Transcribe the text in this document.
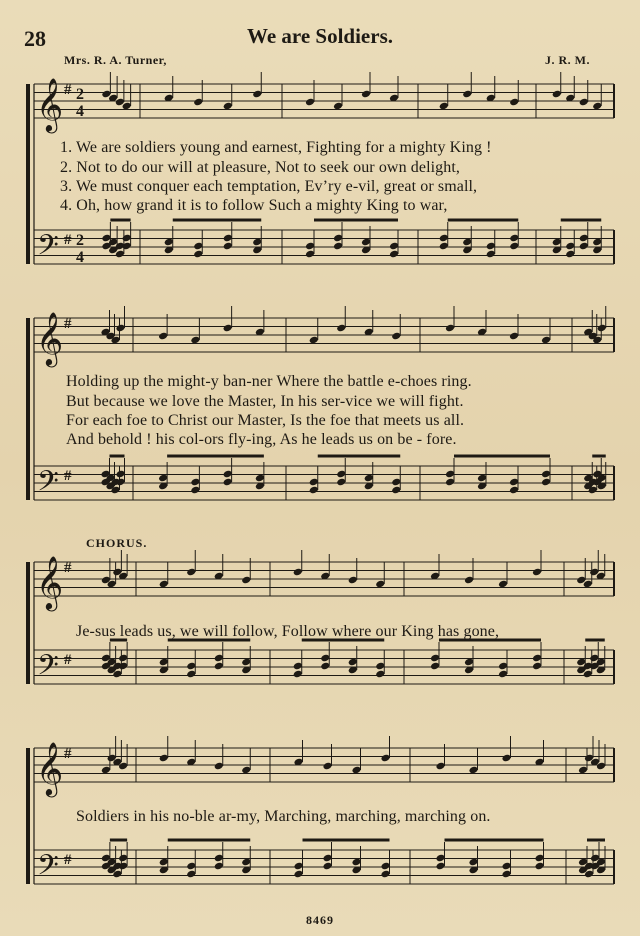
𝄞
𝄢
#
#
𝄞
𝄢
#
#
𝄞
𝄢
#
#
𝄞
𝄢
#
#
2
4
2
4
28	We are Soldiers.
Mrs. R. A. Turner,	J. R. M.
1. We are soldiers young and earnest, Fighting for a mighty King !
2. Not to do our will at pleasure, Not to seek our own delight,
3. We must conquer each temptation, Ev’ry e-vil, great or small,
4. Oh, how grand it is to follow Such a mighty King to war,
Holding up the might-y ban-ner Where the battle e-choes ring.
But because we love the Master, In his ser-vice we will fight.
For each foe to Christ our Master, Is the foe that meets us all.
And behold ! his col-ors fly-ing, As he leads us on be - fore.
CHORUS.
Je-sus leads us, we will follow, Follow where our King has gone,
Soldiers in his no-ble ar-my, Marching, marching, marching on.
8469
